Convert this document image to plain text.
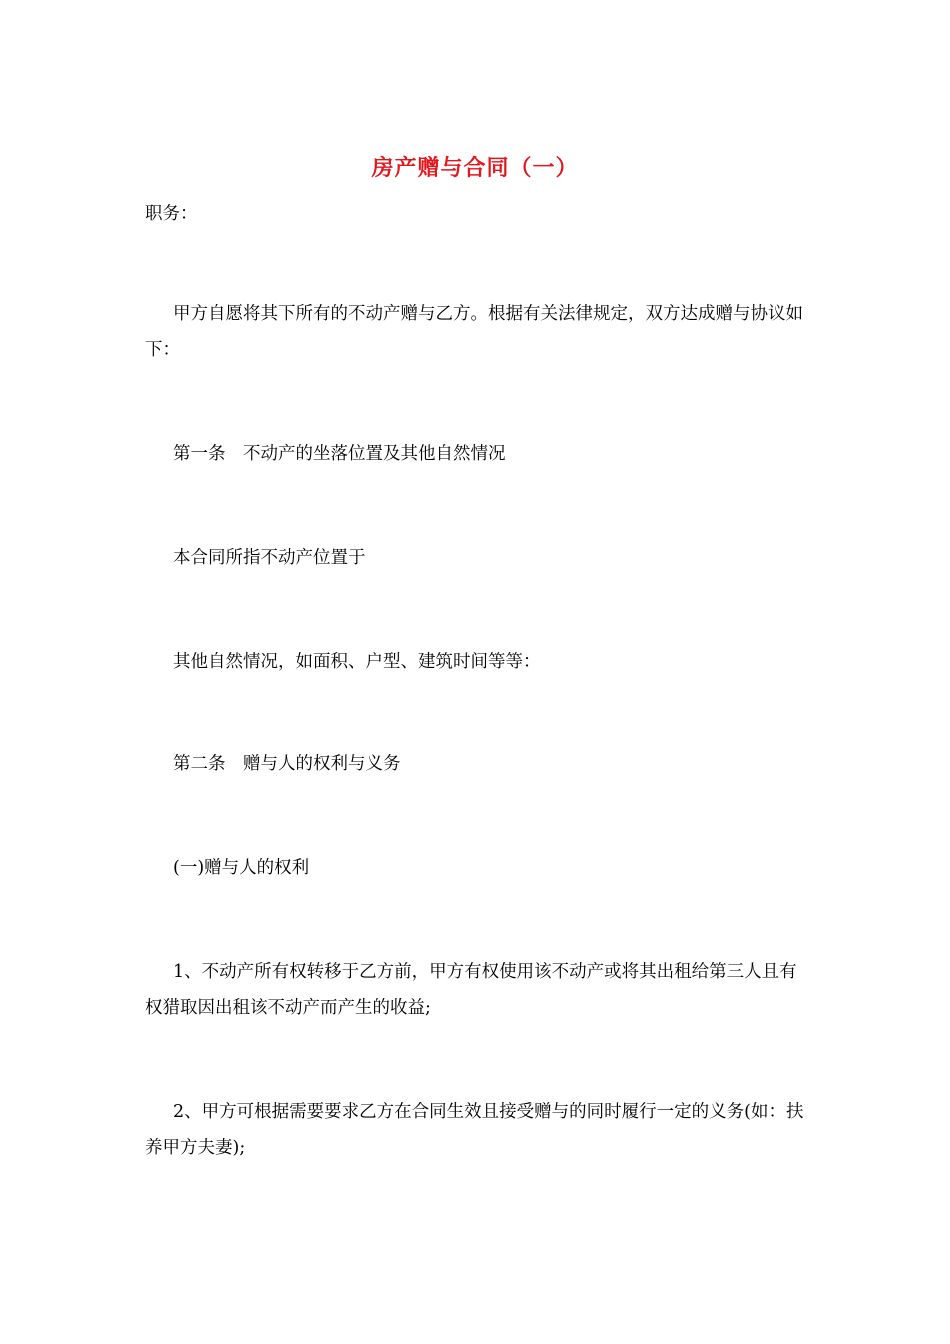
房产赠与合同（一）
职务：
甲方自愿将其下所有的不动产赠与乙方。根据有关法律规定，双方达成赠与协议如下：
第一条　不动产的坐落位置及其他自然情况
本合同所指不动产位置于
其他自然情况，如面积、户型、建筑时间等等：
第二条　赠与人的权利与义务
(一)赠与人的权利
1、不动产所有权转移于乙方前，甲方有权使用该不动产或将其出租给第三人且有权猎取因出租该不动产而产生的收益;
2、甲方可根据需要要求乙方在合同生效且接受赠与的同时履行一定的义务(如：扶养甲方夫妻);
